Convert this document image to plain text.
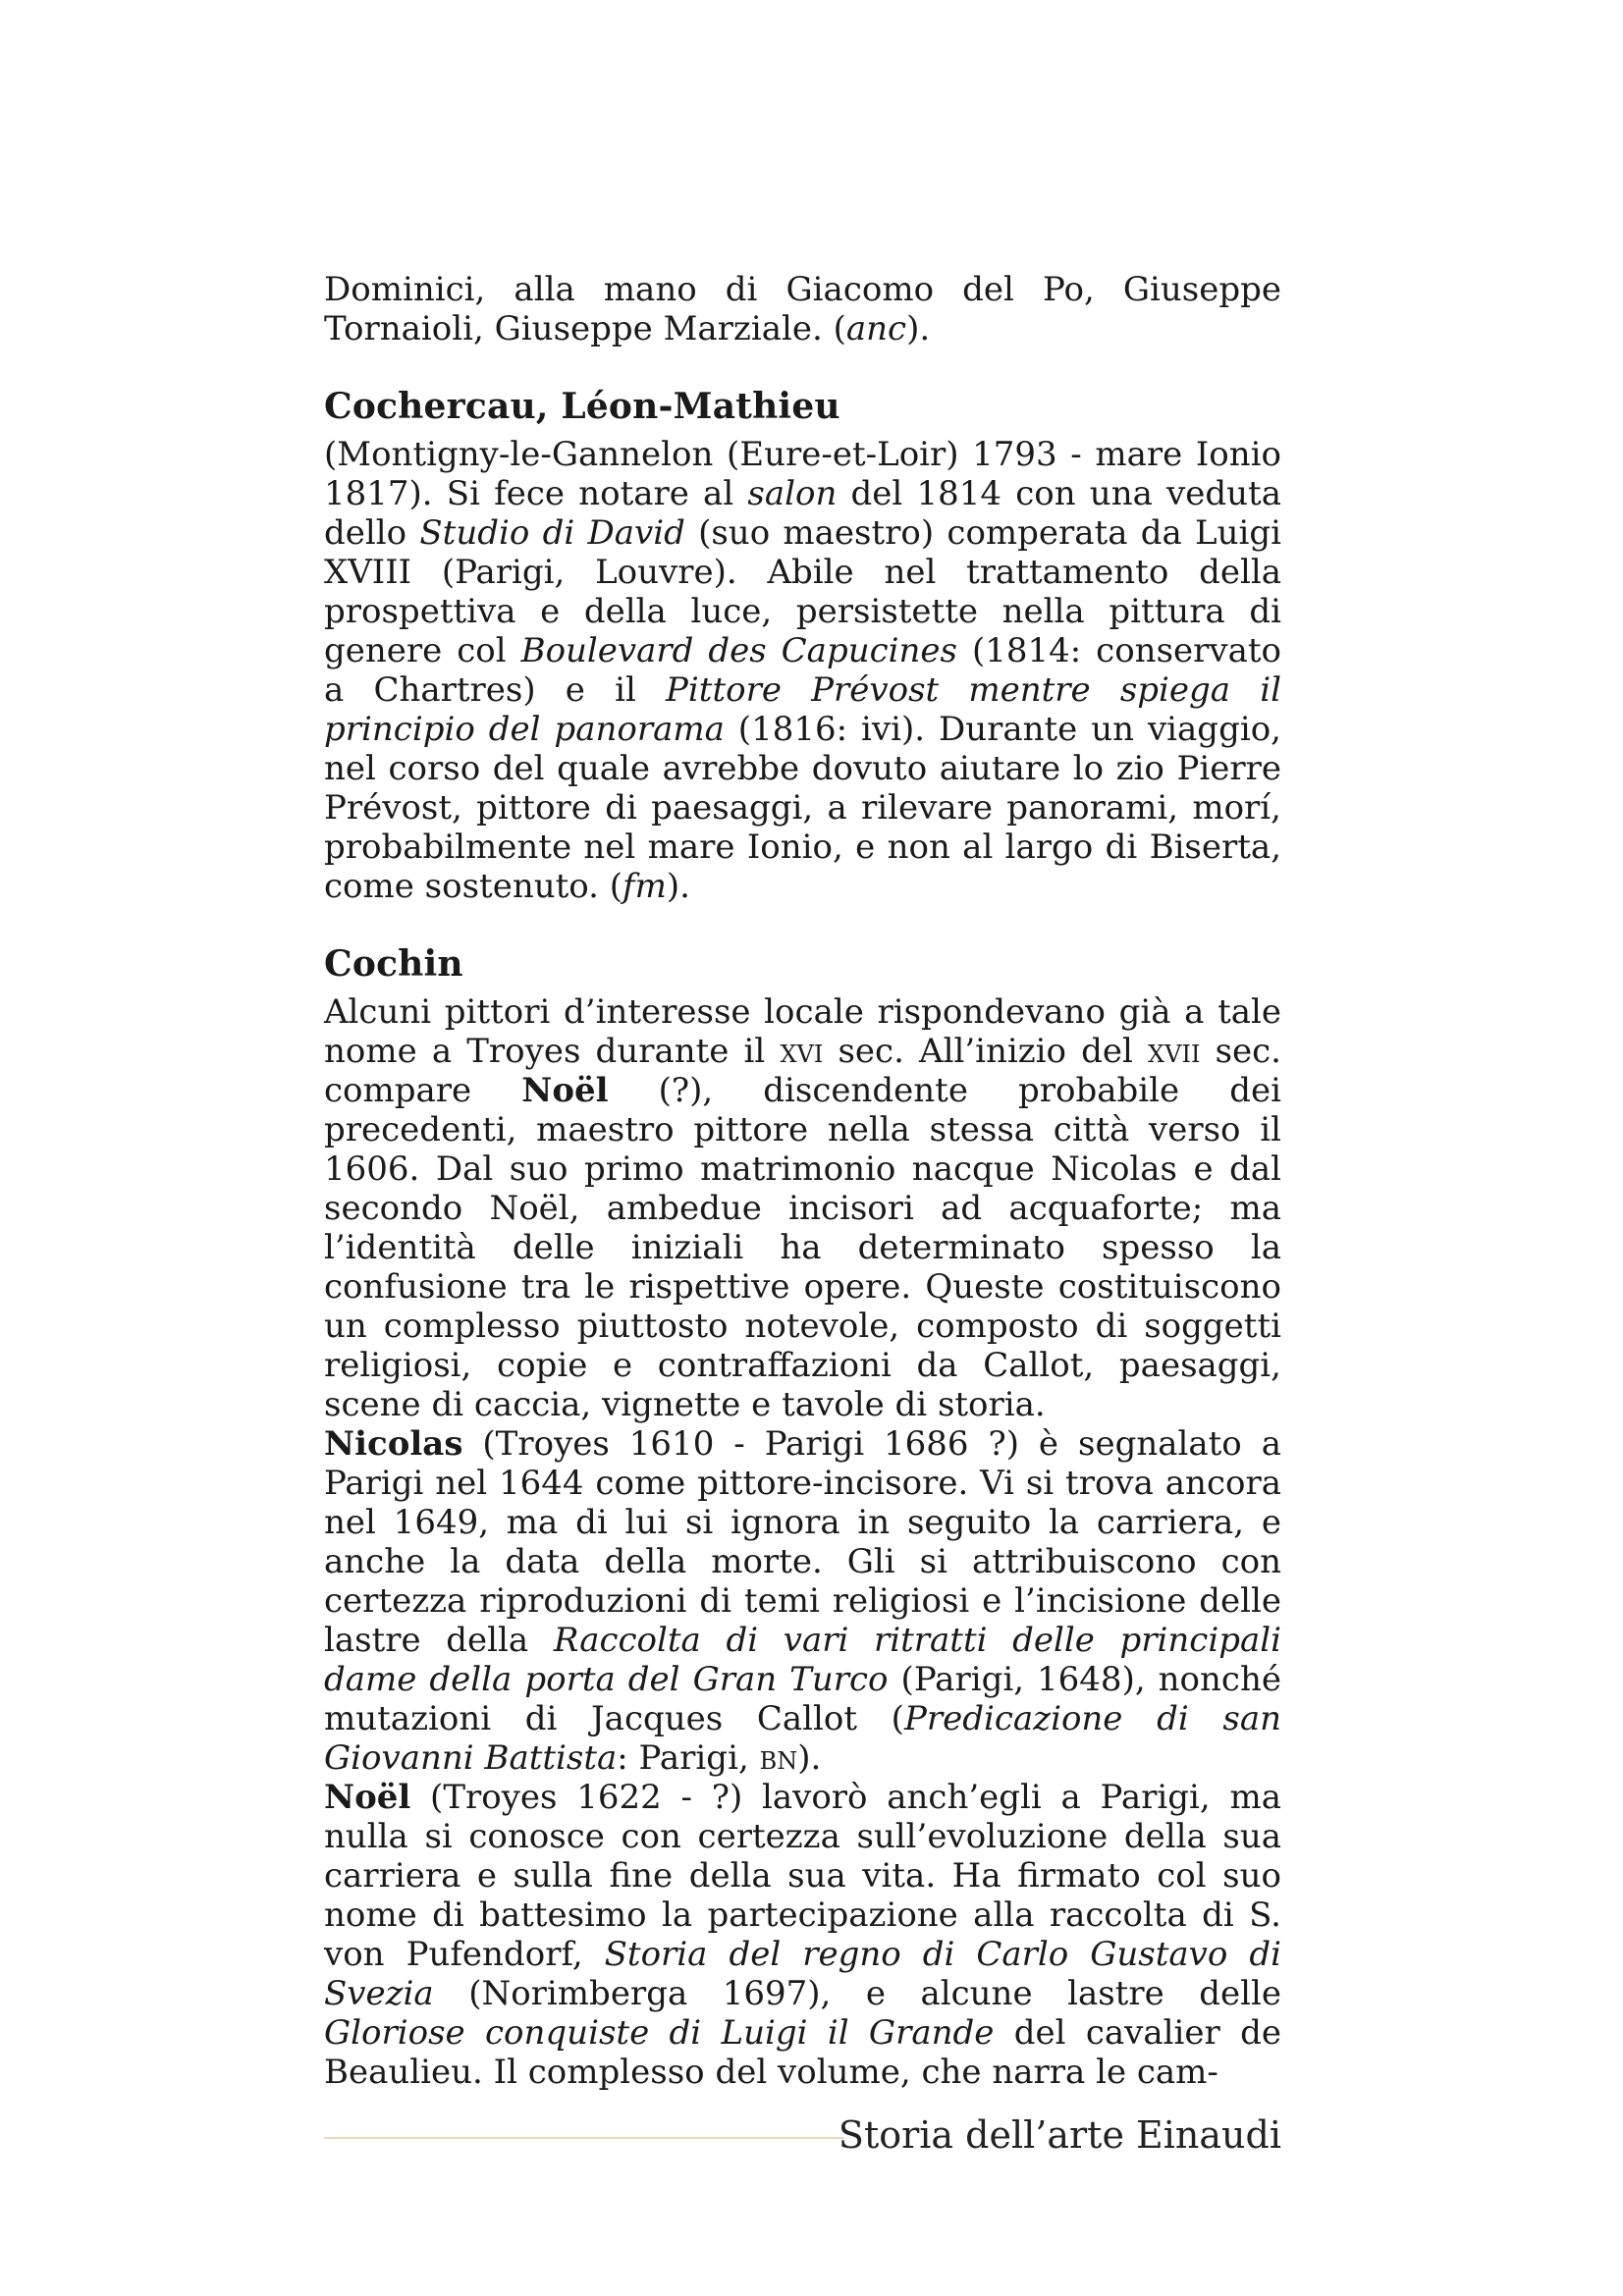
Dominici, alla mano di Giacomo del Po, Giuseppe Tornaioli, Giuseppe Marziale. (anc).

Cochercau, Léon-Mathieu

(Montigny-le-Gannelon (Eure-et-Loir) 1793 - mare Ionio 1817). Si fece notare al salon del 1814 con una veduta dello Studio di David (suo maestro) comperata da Luigi XVIII (Parigi, Louvre). Abile nel trattamento della prospettiva e della luce, persistette nella pittura di genere col Boulevard des Capucines (1814: conservato a Chartres) e il Pittore Prévost mentre spiega il principio del panorama (1816: ivi). Durante un viaggio, nel corso del quale avrebbe dovuto aiutare lo zio Pierre Prévost, pittore di paesaggi, a rilevare panorami, morí, probabilmente nel mare Ionio, e non al largo di Biserta, come sostenuto. (fm).

Cochin

Alcuni pittori d’interesse locale rispondevano già a tale nome a Troyes durante il xvi sec. All’inizio del xvii sec. compare Noël (?), discendente probabile dei precedenti, maestro pittore nella stessa città verso il 1606. Dal suo primo matrimonio nacque Nicolas e dal secondo Noël, ambedue incisori ad acquaforte; ma l’identità delle iniziali ha determinato spesso la confusione tra le rispettive opere. Queste costituiscono un complesso piuttosto notevole, composto di soggetti religiosi, copie e contraffazioni da Callot, paesaggi, scene di caccia, vignette e tavole di storia.

Nicolas (Troyes 1610 - Parigi 1686 ?) è segnalato a Parigi nel 1644 come pittore-incisore. Vi si trova ancora nel 1649, ma di lui si ignora in seguito la carriera, e anche la data della morte. Gli si attribuiscono con certezza riproduzioni di temi religiosi e l’incisione delle lastre della Raccolta di vari ritratti delle principali dame della porta del Gran Turco (Parigi, 1648), nonché mutazioni di Jacques Callot (Predicazione di san Giovanni Battista: Parigi, bn).

Noël (Troyes 1622 - ?) lavorò anch’egli a Parigi, ma nulla si conosce con certezza sull’evoluzione della sua carriera e sulla fine della sua vita. Ha firmato col suo nome di battesimo la partecipazione alla raccolta di S. von Pufendorf, Storia del regno di Carlo Gustavo di Svezia (Norimberga 1697), e alcune lastre delle Gloriose conquiste di Luigi il Grande del cavalier de Beaulieu. Il complesso del volume, che narra le cam-

Storia dell’arte Einaudi
